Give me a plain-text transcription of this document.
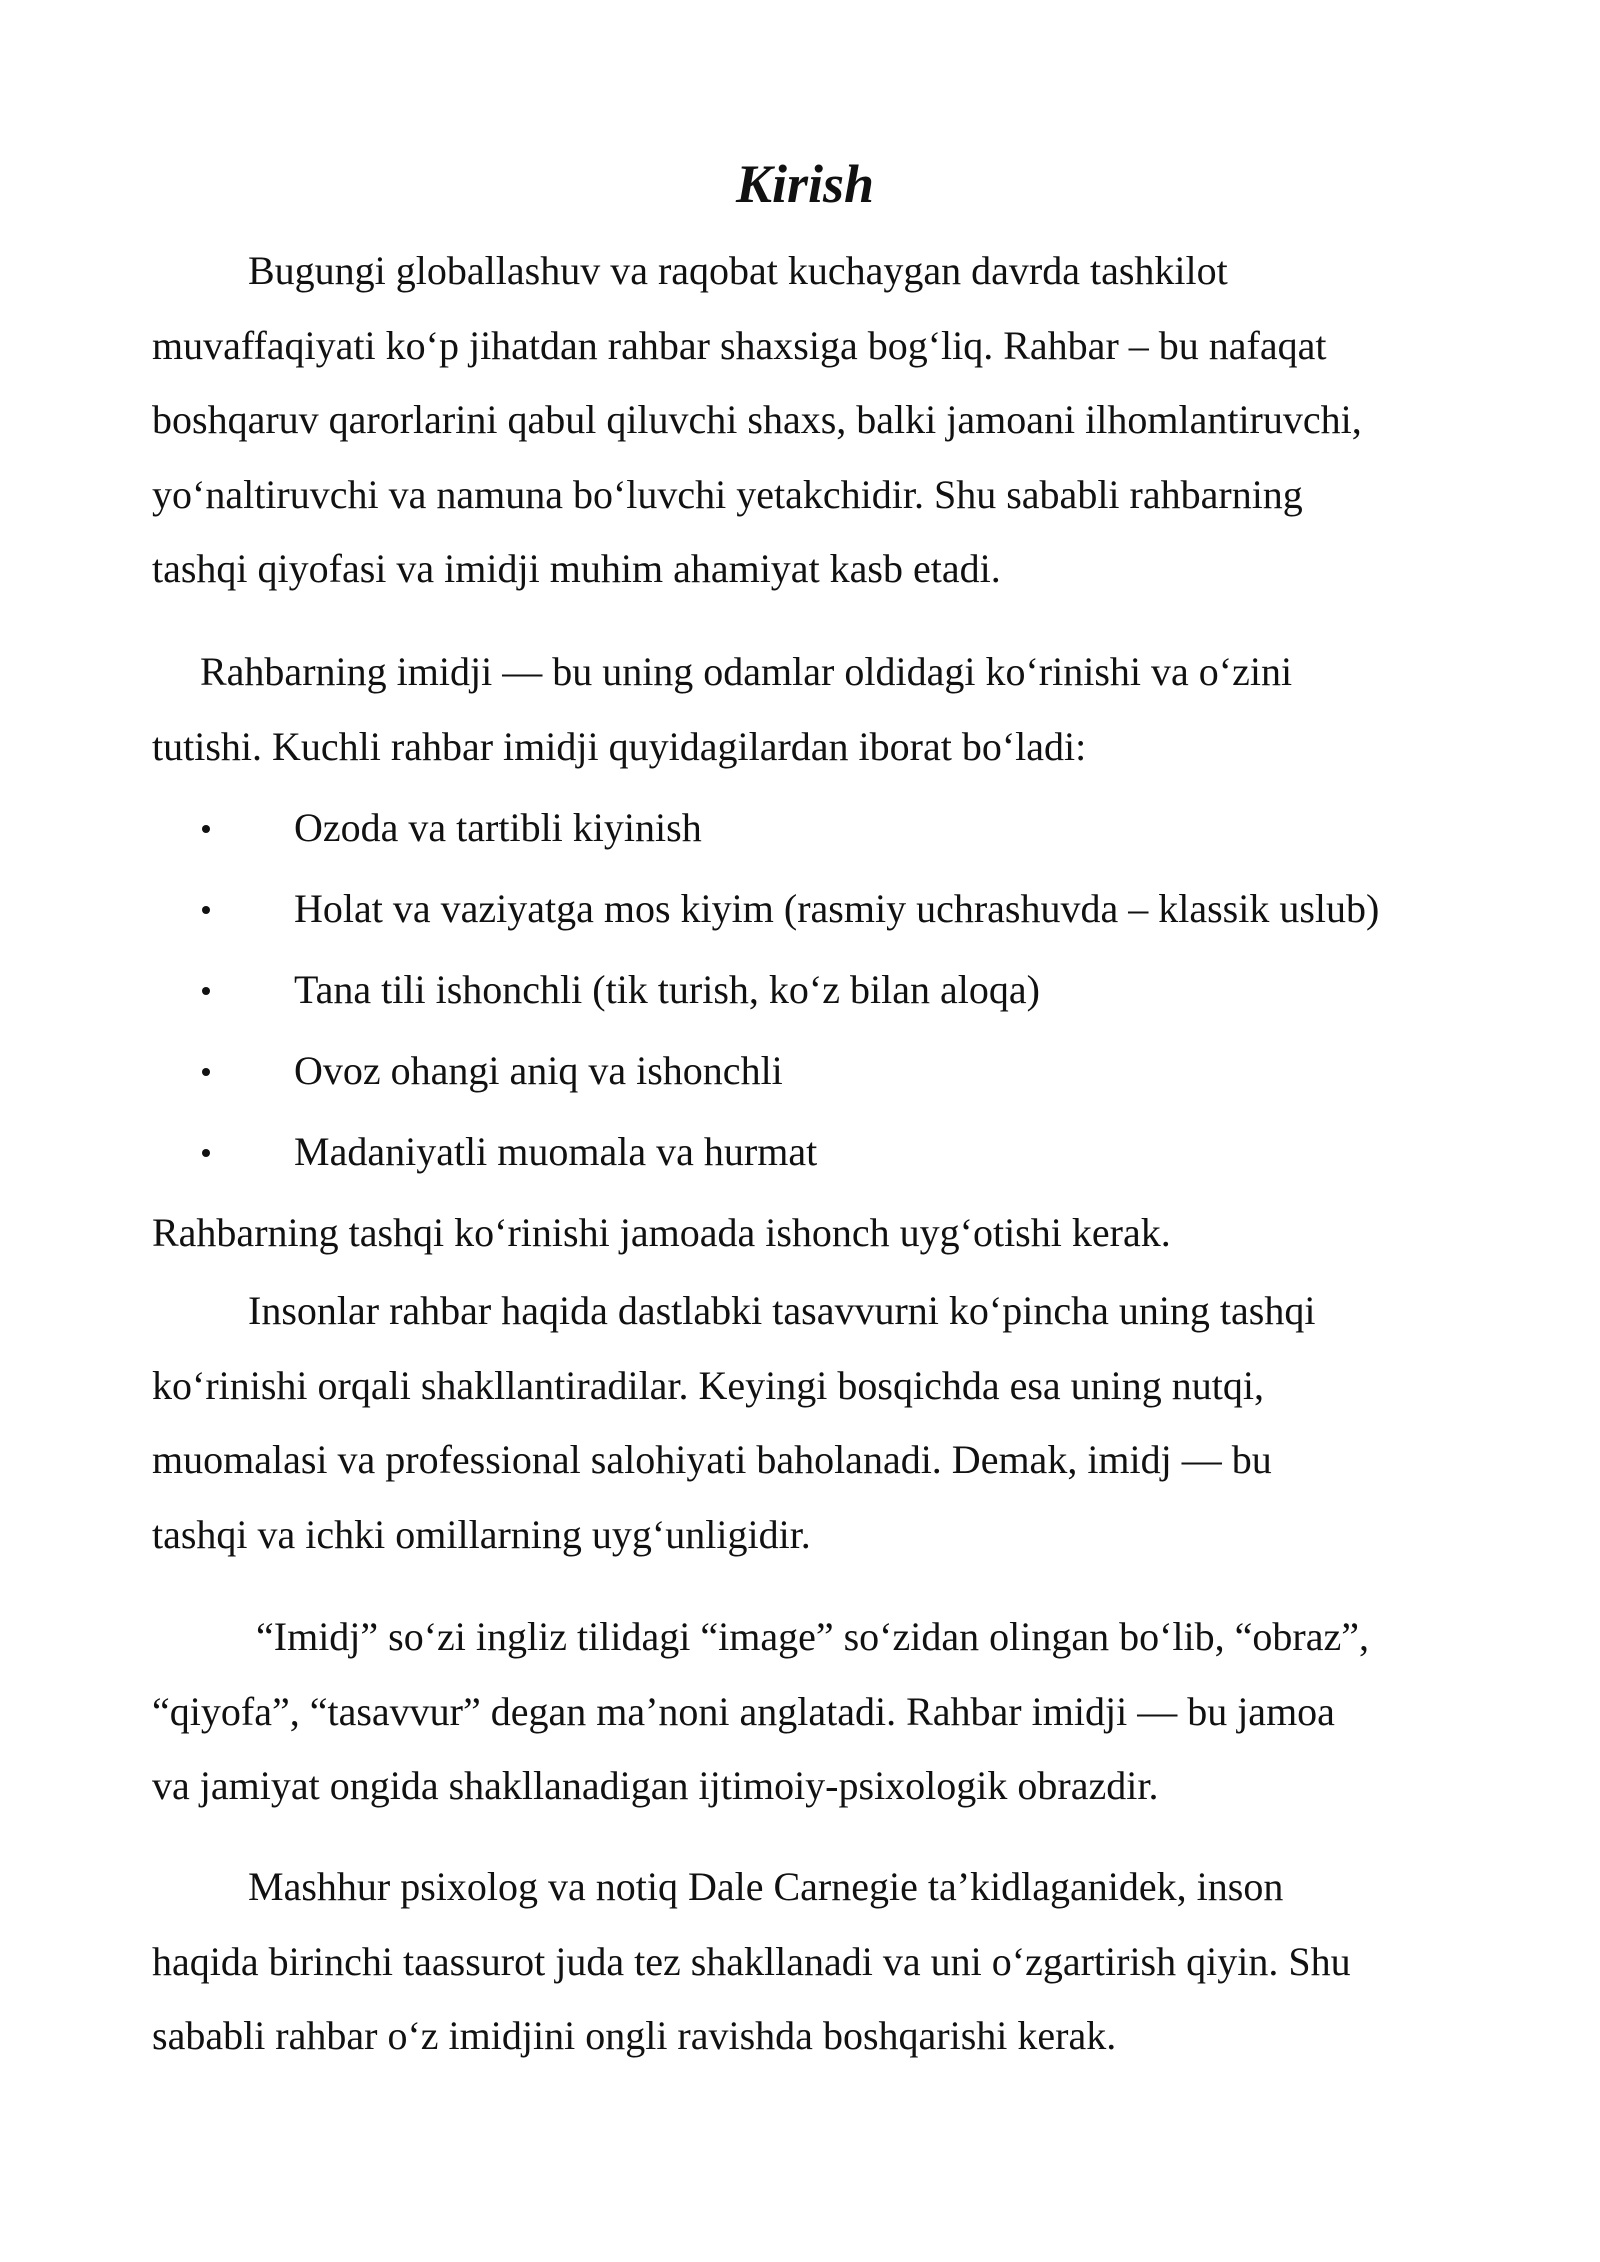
Kirish
Bugungi globallashuv va raqobat kuchaygan davrda tashkilot
muvaffaqiyati ko‘p jihatdan rahbar shaxsiga bog‘liq. Rahbar – bu nafaqat
boshqaruv qarorlarini qabul qiluvchi shaxs, balki jamoani ilhomlantiruvchi,
yo‘naltiruvchi va namuna bo‘luvchi yetakchidir. Shu sababli rahbarning
tashqi qiyofasi va imidji muhim ahamiyat kasb etadi.
Rahbarning imidji — bu uning odamlar oldidagi ko‘rinishi va o‘zini
tutishi. Kuchli rahbar imidji quyidagilardan iborat bo‘ladi:
Ozoda va tartibli kiyinish
Holat va vaziyatga mos kiyim (rasmiy uchrashuvda – klassik uslub)
Tana tili ishonchli (tik turish, ko‘z bilan aloqa)
Ovoz ohangi aniq va ishonchli
Madaniyatli muomala va hurmat
Rahbarning tashqi ko‘rinishi jamoada ishonch uyg‘otishi kerak.
Insonlar rahbar haqida dastlabki tasavvurni ko‘pincha uning tashqi
ko‘rinishi orqali shakllantiradilar. Keyingi bosqichda esa uning nutqi,
muomalasi va professional salohiyati baholanadi. Demak, imidj — bu
tashqi va ichki omillarning uyg‘unligidir.
“Imidj” so‘zi ingliz tilidagi “image” so‘zidan olingan bo‘lib, “obraz”,
“qiyofa”, “tasavvur” degan ma’noni anglatadi. Rahbar imidji — bu jamoa
va jamiyat ongida shakllanadigan ijtimoiy-psixologik obrazdir.
Mashhur psixolog va notiq Dale Carnegie ta’kidlaganidek, inson
haqida birinchi taassurot juda tez shakllanadi va uni o‘zgartirish qiyin. Shu
sababli rahbar o‘z imidjini ongli ravishda boshqarishi kerak.
